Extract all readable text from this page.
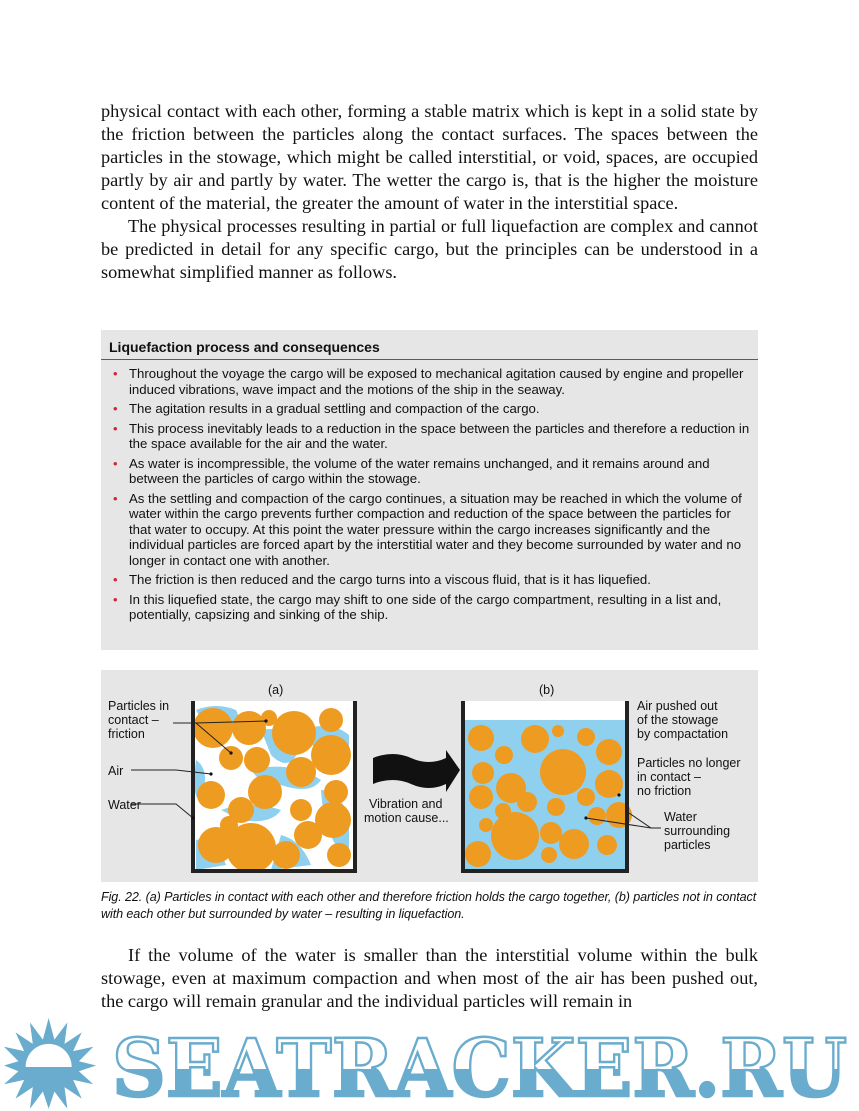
physical contact with each other, forming a stable matrix which is kept in a solid state by the friction between the particles along the contact surfaces. The spaces between the particles in the stowage, which might be called interstitial, or void, spaces, are occupied partly by air and partly by water. The wetter the cargo is, that is the higher the moisture content of the material, the greater the amount of water in the interstitial space.

The physical processes resulting in partial or full liquefaction are complex and cannot be predicted in detail for any specific cargo, but the principles can be understood in a somewhat simplified manner as follows.

Liquefaction process and consequences
• Throughout the voyage the cargo will be exposed to mechanical agitation caused by engine and propeller induced vibrations, wave impact and the motions of the ship in the seaway.
• The agitation results in a gradual settling and compaction of the cargo.
• This process inevitably leads to a reduction in the space between the particles and therefore a reduction in the space available for the air and the water.
• As water is incompressible, the volume of the water remains unchanged, and it remains around and between the particles of cargo within the stowage.
• As the settling and compaction of the cargo continues, a situation may be reached in which the volume of water within the cargo prevents further compaction and reduction of the space between the particles for that water to occupy. At this point the water pressure within the cargo increases significantly and the individual particles are forced apart by the interstitial water and they become surrounded by water and no longer in contact one with another.
• The friction is then reduced and the cargo turns into a viscous fluid, that is it has liquefied.
• In this liquefied state, the cargo may shift to one side of the cargo compartment, resulting in a list and, potentially, capsizing and sinking of the ship.
(a)	(b)
Particles in
contact –
friction
Air
Water	Vibration and
motion cause...
Air pushed out
of the stowage
by compactation
Particles no longer
in contact –
no friction
Water
surrounding
particles

Fig. 22. (a) Particles in contact with each other and therefore friction holds the cargo together, (b) particles not in contact with each other but surrounded by water – resulting in liquefaction.

If the volume of the water is smaller than the interstitial volume within the bulk stowage, even at maximum compaction and when most of the air has been pushed out, the cargo will remain granular and the individual particles will remain in

SEATRACKER.RU
